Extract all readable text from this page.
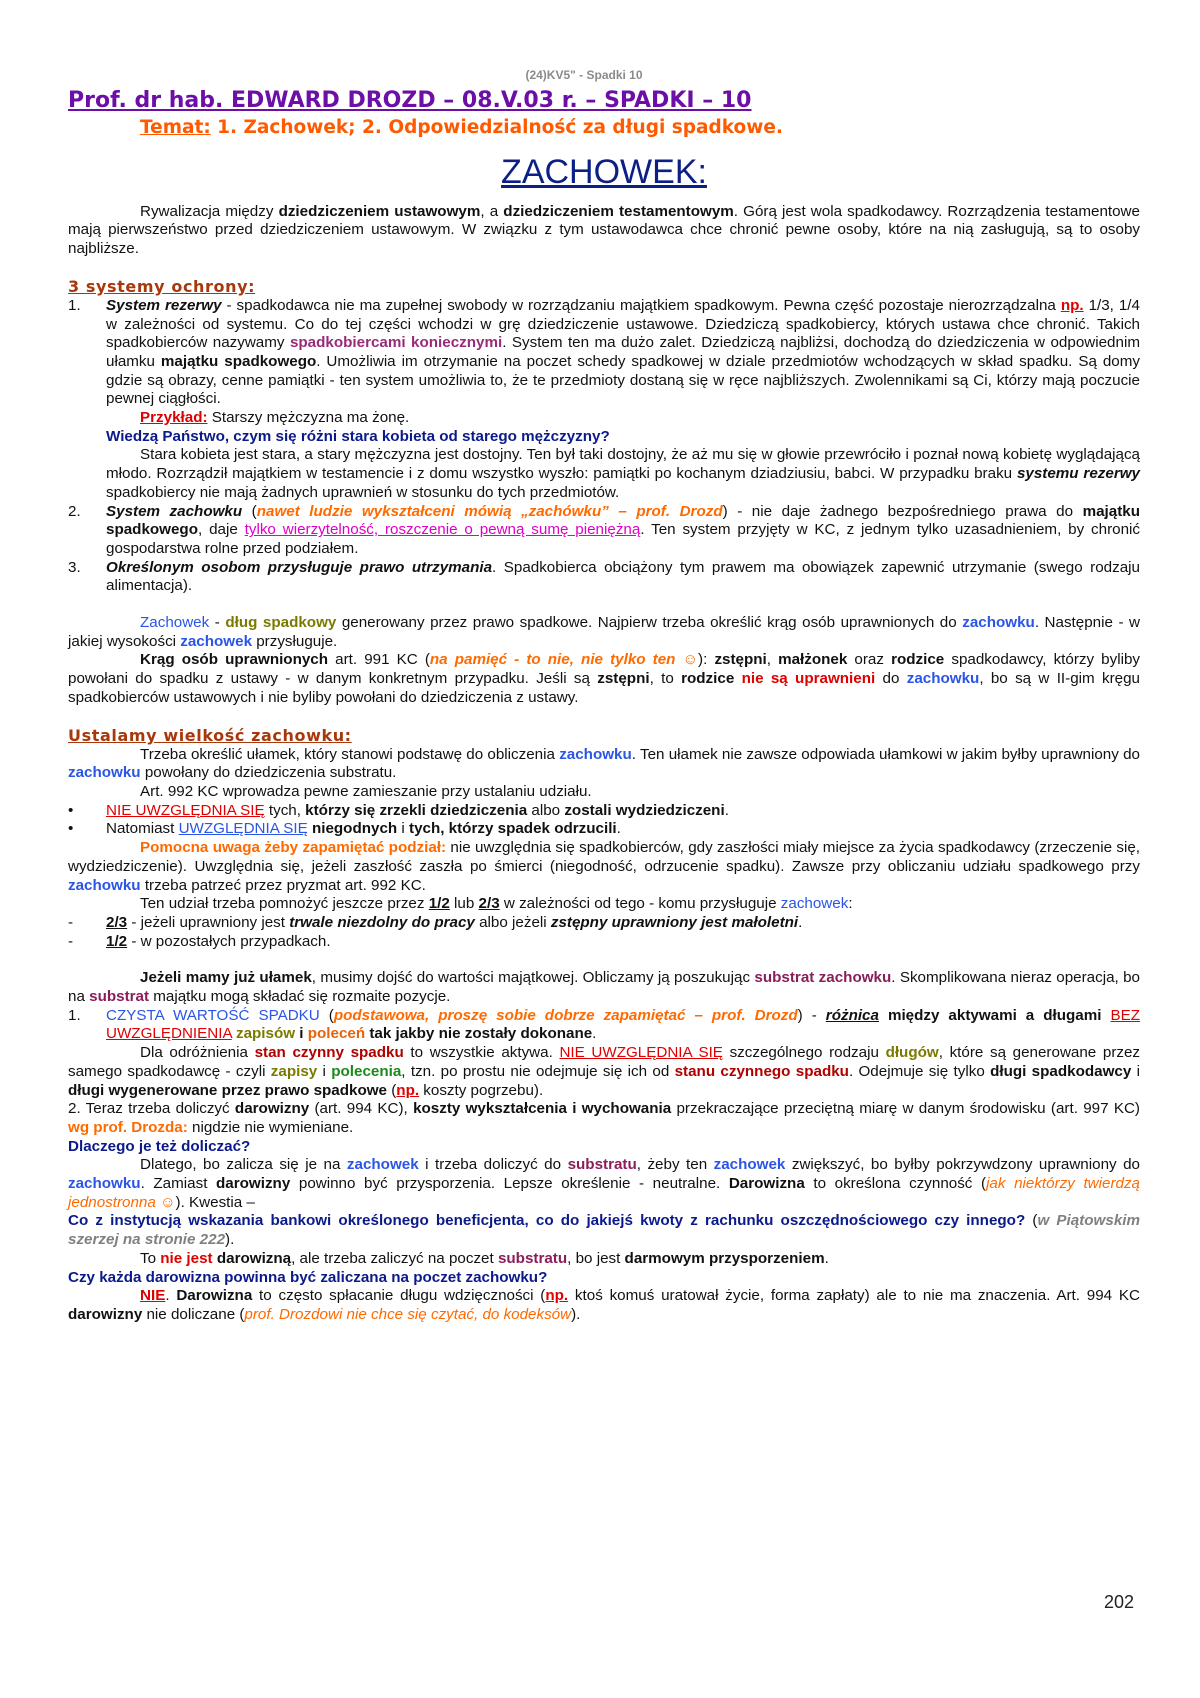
(24)KV5" - Spadki 10
Prof. dr hab. EDWARD DROZD – 08.V.03 r. – SPADKI – 10
Temat: 1. Zachowek; 2. Odpowiedzialność za długi spadkowe.
ZACHOWEK:

Rywalizacja między dziedziczeniem ustawowym, a dziedziczeniem testamentowym. Górą jest wola spadkodawcy. Rozrządzenia testamentowe mają pierwszeństwo przed dziedziczeniem ustawowym. W związku z tym ustawodawca chce chronić pewne osoby, które na nią zasługują, są to osoby najbliższe.

3 systemy ochrony:
1.	System rezerwy - spadkodawca nie ma zupełnej swobody w rozrządzaniu majątkiem spadkowym. Pewna część pozostaje nierozrządzalna np. 1/3, 1/4 w zależności od systemu. Co do tej części wchodzi w grę dziedziczenie ustawowe. Dziedziczą spadkobiercy, których ustawa chce chronić. Takich spadkobierców nazywamy spadkobiercami koniecznymi. System ten ma dużo zalet. Dziedziczą najbliżsi, dochodzą do dziedziczenia w odpowiednim ułamku majątku spadkowego. Umożliwia im otrzymanie na poczet schedy spadkowej w dziale przedmiotów wchodzących w skład spadku. Są domy gdzie są obrazy, cenne pamiątki - ten system umożliwia to, że te przedmioty dostaną się w ręce najbliższych. Zwolennikami są Ci, którzy mają poczucie pewnej ciągłości.
Przykład: Starszy mężczyzna ma żonę.
Wiedzą Państwo, czym się różni stara kobieta od starego mężczyzny?
Stara kobieta jest stara, a stary mężczyzna jest dostojny. Ten był taki dostojny, że aż mu się w głowie przewróciło i poznał nową kobietę wyglądającą młodo. Rozrządził majątkiem w testamencie i z domu wszystko wyszło: pamiątki po kochanym dziadziusiu, babci. W przypadku braku systemu rezerwy spadkobiercy nie mają żadnych uprawnień w stosunku do tych przedmiotów.
2.	System zachowku (nawet ludzie wykształceni mówią „zachówku” – prof. Drozd) - nie daje żadnego bezpośredniego prawa do majątku spadkowego, daje tylko wierzytelność, roszczenie o pewną sumę pieniężną. Ten system przyjęty w KC, z jednym tylko uzasadnieniem, by chronić gospodarstwa rolne przed podziałem.
3.	Określonym osobom przysługuje prawo utrzymania. Spadkobierca obciążony tym prawem ma obowiązek zapewnić utrzymanie (swego rodzaju alimentacja).

Zachowek - dług spadkowy generowany przez prawo spadkowe. Najpierw trzeba określić krąg osób uprawnionych do zachowku. Następnie - w jakiej wysokości zachowek przysługuje.

Krąg osób uprawnionych art. 991 KC (na pamięć - to nie, nie tylko ten ☺): zstępni, małżonek oraz rodzice spadkodawcy, którzy byliby powołani do spadku z ustawy - w danym konkretnym przypadku. Jeśli są zstępni, to rodzice nie są uprawnieni do zachowku, bo są w II-gim kręgu spadkobierców ustawowych i nie byliby powołani do dziedziczenia z ustawy.

Ustalamy wielkość zachowku:

Trzeba określić ułamek, który stanowi podstawę do obliczenia zachowku. Ten ułamek nie zawsze odpowiada ułamkowi w jakim byłby uprawniony do zachowku powołany do dziedziczenia substratu.

Art. 992 KC wprowadza pewne zamieszanie przy ustalaniu udziału.

•	NIE UWZGLĘDNIA SIĘ tych, którzy się zrzekli dziedziczenia albo zostali wydziedziczeni.
•	Natomiast UWZGLĘDNIA SIĘ niegodnych i tych, którzy spadek odrzucili.

Pomocna uwaga żeby zapamiętać podział: nie uwzględnia się spadkobierców, gdy zaszłości miały miejsce za życia spadkodawcy (zrzeczenie się, wydziedziczenie). Uwzględnia się, jeżeli zaszłość zaszła po śmierci (niegodność, odrzucenie spadku). Zawsze przy obliczaniu udziału spadkowego przy zachowku trzeba patrzeć przez pryzmat art. 992 KC.

Ten udział trzeba pomnożyć jeszcze przez 1/2 lub 2/3 w zależności od tego - komu przysługuje zachowek:

-	2/3 - jeżeli uprawniony jest trwale niezdolny do pracy albo jeżeli zstępny uprawniony jest małoletni.
-	1/2 - w pozostałych przypadkach.

Jeżeli mamy już ułamek, musimy dojść do wartości majątkowej. Obliczamy ją poszukując substrat zachowku. Skomplikowana nieraz operacja, bo na substrat majątku mogą składać się rozmaite pozycje.

1.	CZYSTA WARTOŚĆ SPADKU (podstawowa, proszę sobie dobrze zapamiętać – prof. Drozd) - różnica między aktywami a długami BEZ UWZGLĘDNIENIA zapisów i poleceń tak jakby nie zostały dokonane.

Dla odróżnienia stan czynny spadku to wszystkie aktywa. NIE UWZGLĘDNIA SIĘ szczególnego rodzaju długów, które są generowane przez samego spadkodawcę - czyli zapisy i polecenia, tzn. po prostu nie odejmuje się ich od stanu czynnego spadku. Odejmuje się tylko długi spadkodawcy i długi wygenerowane przez prawo spadkowe (np. koszty pogrzebu).

2. Teraz trzeba doliczyć darowizny (art. 994 KC), koszty wykształcenia i wychowania przekraczające przeciętną miarę w danym środowisku (art. 997 KC) wg prof. Drozda: nigdzie nie wymieniane.

Dlaczego je też doliczać?

Dlatego, bo zalicza się je na zachowek i trzeba doliczyć do substratu, żeby ten zachowek zwiększyć, bo byłby pokrzywdzony uprawniony do zachowku. Zamiast darowizny powinno być przysporzenia. Lepsze określenie - neutralne. Darowizna to określona czynność (jak niektórzy twierdzą jednostronna ☺). Kwestia –

Co z instytucją wskazania bankowi określonego beneficjenta, co do jakiejś kwoty z rachunku oszczędnościowego czy innego? (w Piątowskim szerzej na stronie 222).

To nie jest darowizną, ale trzeba zaliczyć na poczet substratu, bo jest darmowym przysporzeniem.

Czy każda darowizna powinna być zaliczana na poczet zachowku?

NIE. Darowizna to często spłacanie długu wdzięczności (np. ktoś komuś uratował życie, forma zapłaty) ale to nie ma znaczenia. Art. 994 KC darowizny nie doliczane (prof. Drozdowi nie chce się czytać, do kodeksów).

202
